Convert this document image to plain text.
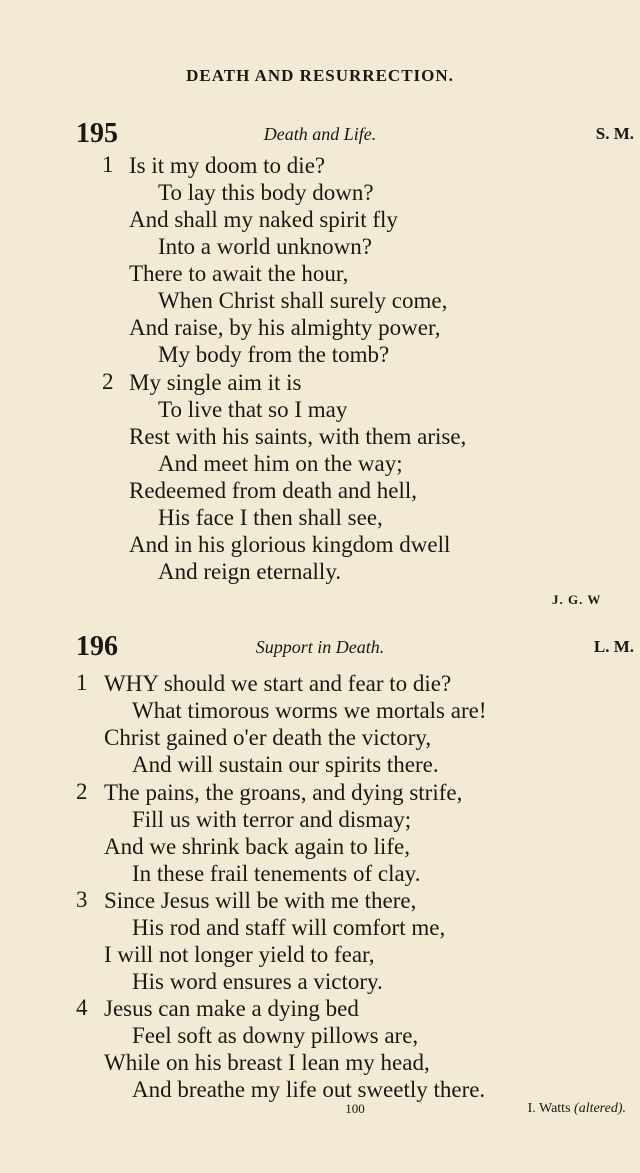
DEATH AND RESURRECTION.
195	Death and Life.	S. M.
1
2
Is it my doom to die?
To lay this body down?
And shall my naked spirit fly
Into a world unknown?
There to await the hour,
When Christ shall surely come,
And raise, by his almighty power,
My body from the tomb?
My single aim it is
To live that so I may
Rest with his saints, with them arise,
And meet him on the way;
Redeemed from death and hell,
His face I then shall see,
And in his glorious kingdom dwell
And reign eternally.
J. G. W
196	Support in Death.	L. M.
1
2
3
4
WHY should we start and fear to die?
What timorous worms we mortals are!
Christ gained o'er death the victory,
And will sustain our spirits there.
The pains, the groans, and dying strife,
Fill us with terror and dismay;
And we shrink back again to life,
In these frail tenements of clay.
Since Jesus will be with me there,
His rod and staff will comfort me,
I will not longer yield to fear,
His word ensures a victory.
Jesus can make a dying bed
Feel soft as downy pillows are,
While on his breast I lean my head,
And breathe my life out sweetly there.
100	I. Watts (altered).
